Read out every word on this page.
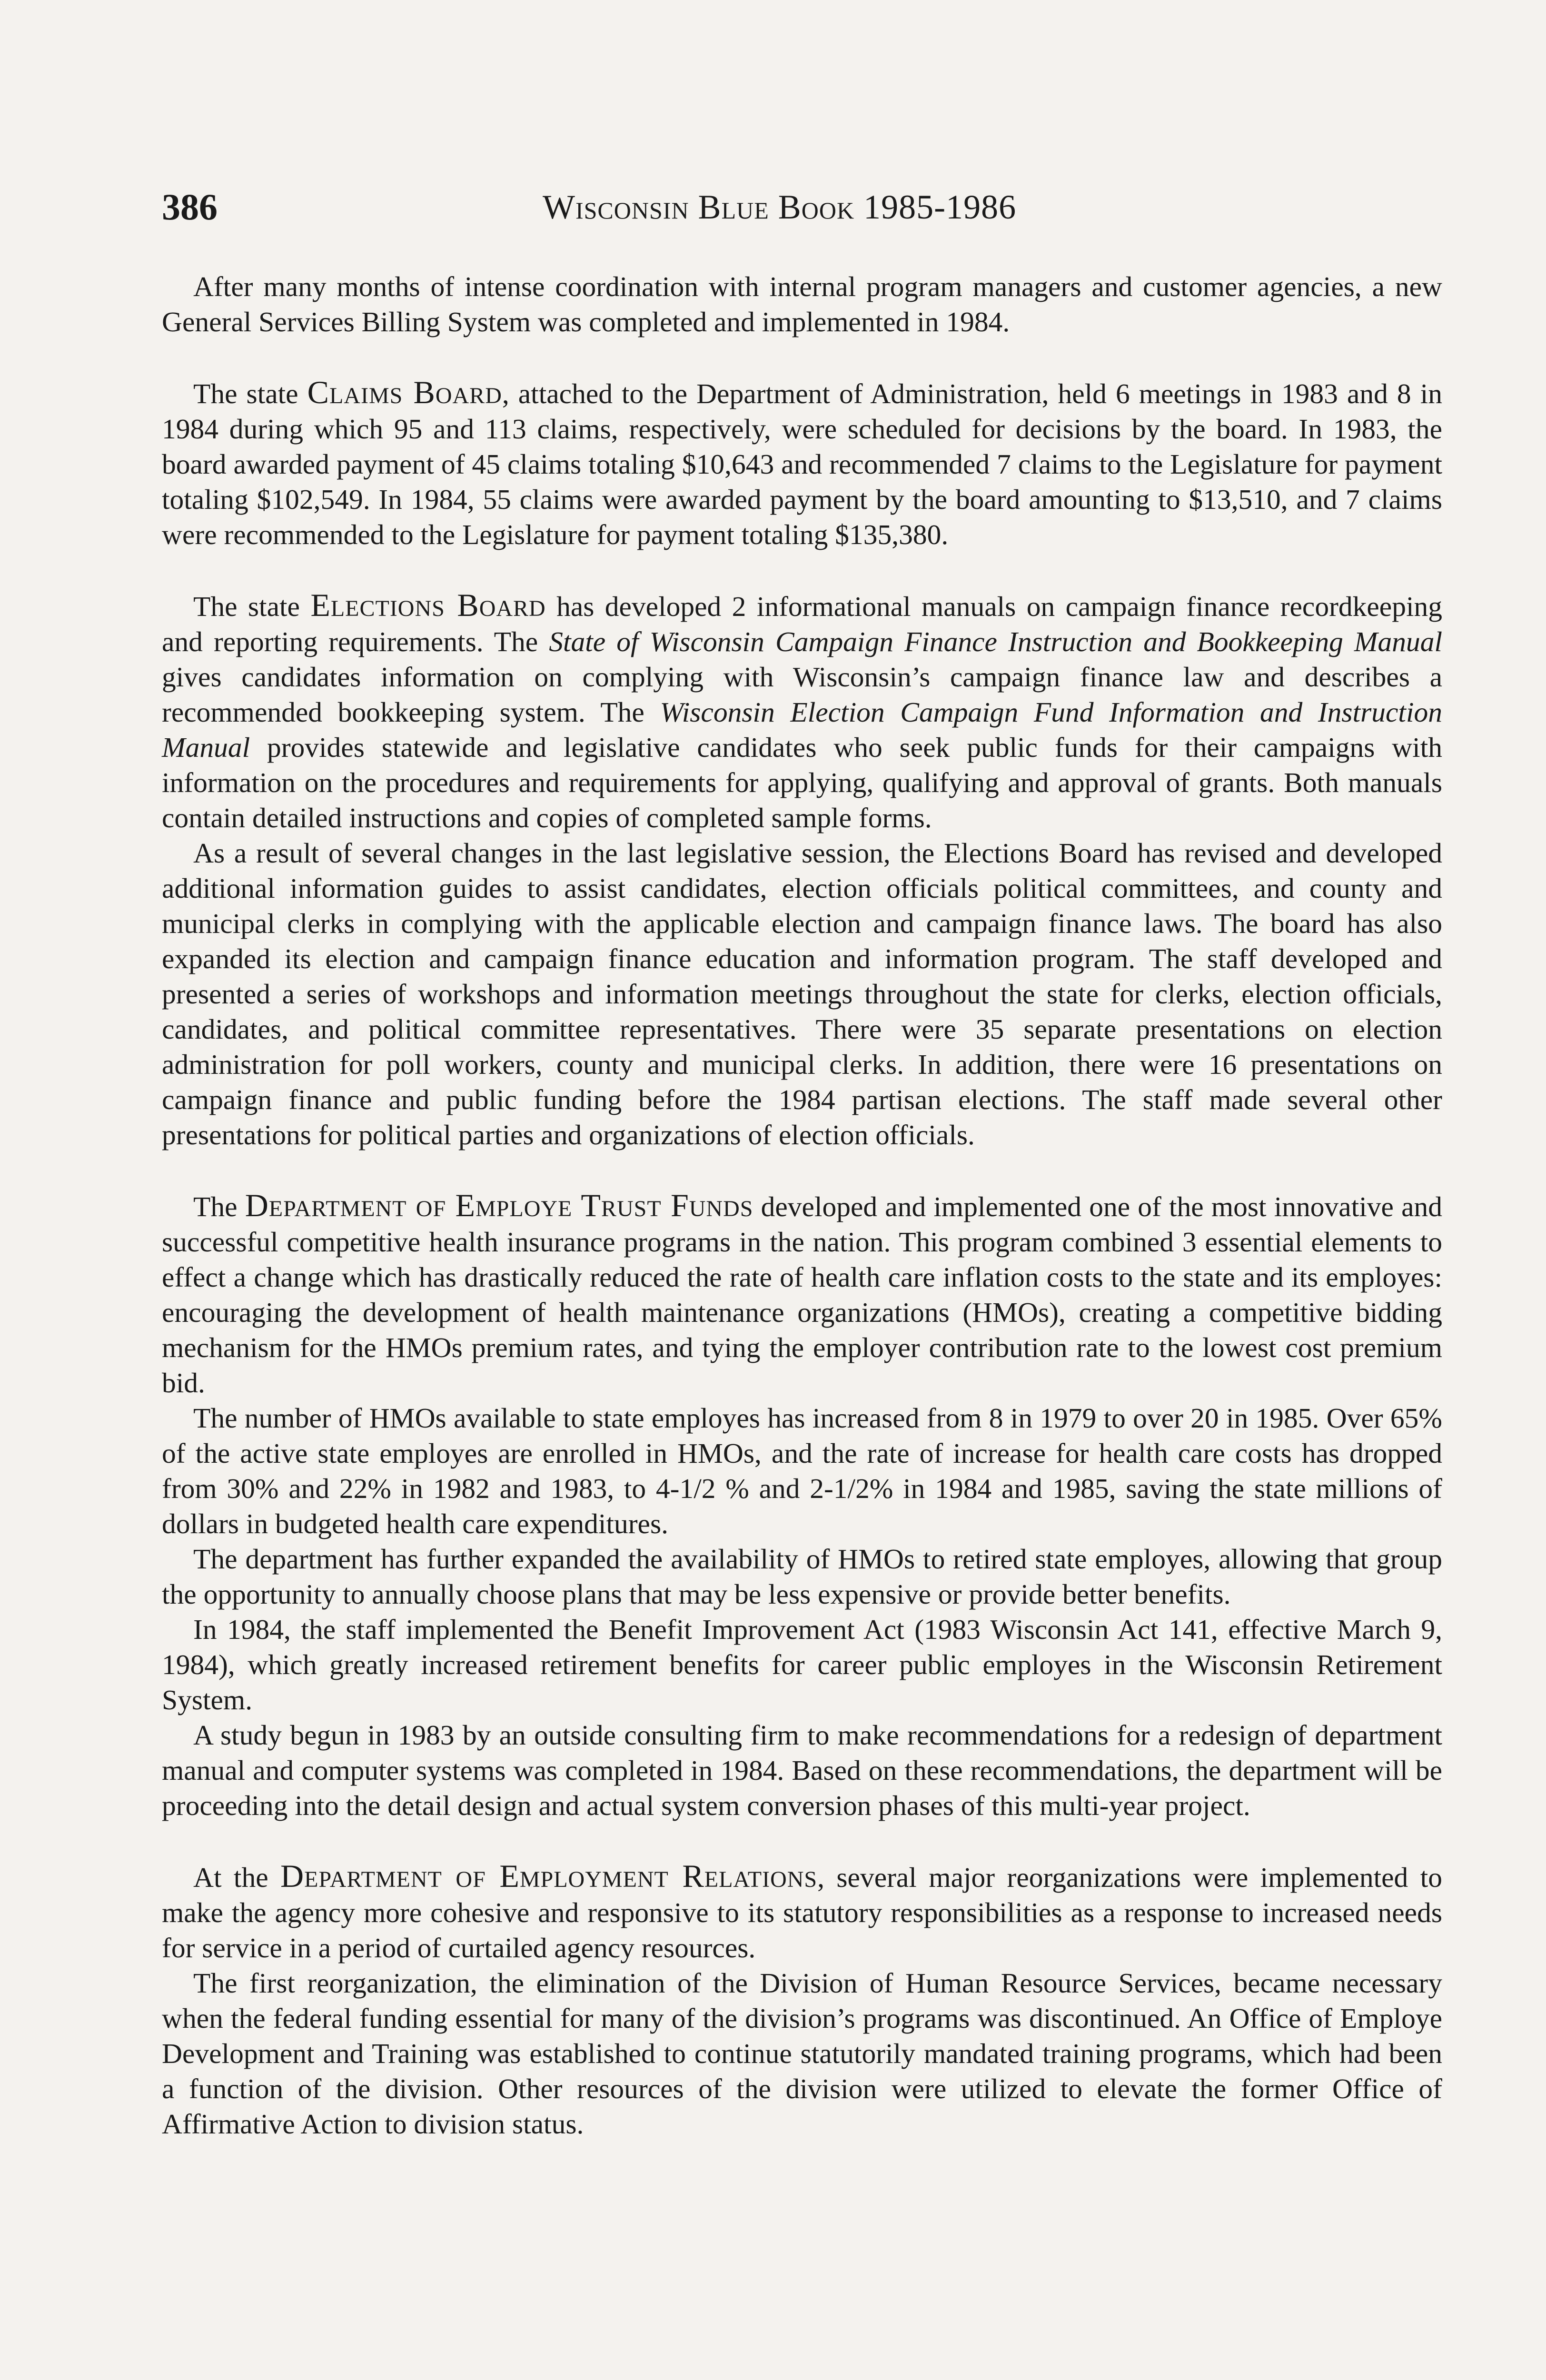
386	Wisconsin Blue Book 1985-1986

After many months of intense coordination with internal program managers and customer agencies, a new General Services Billing System was completed and implemented in 1984.

The state Claims Board, attached to the Department of Administration, held 6 meetings in 1983 and 8 in 1984 during which 95 and 113 claims, respectively, were scheduled for decisions by the board. In 1983, the board awarded payment of 45 claims totaling $10,643 and recommended 7 claims to the Legislature for payment totaling $102,549. In 1984, 55 claims were awarded payment by the board amounting to $13,510, and 7 claims were recommended to the Legislature for payment totaling $135,380.

The state Elections Board has developed 2 informational manuals on campaign finance recordkeeping and reporting requirements. The State of Wisconsin Campaign Finance Instruction and Bookkeeping Manual gives candidates information on complying with Wisconsin’s campaign finance law and describes a recommended bookkeeping system. The Wisconsin Election Campaign Fund Information and Instruction Manual provides statewide and legislative candidates who seek public funds for their campaigns with information on the procedures and requirements for applying, qualifying and approval of grants. Both manuals contain detailed instructions and copies of completed sample forms.

As a result of several changes in the last legislative session, the Elections Board has revised and developed additional information guides to assist candidates, election officials political committees, and county and municipal clerks in complying with the applicable election and campaign finance laws. The board has also expanded its election and campaign finance education and information program. The staff developed and presented a series of workshops and information meetings throughout the state for clerks, election officials, candidates, and political committee representatives. There were 35 separate presentations on election administration for poll workers, county and municipal clerks. In addition, there were 16 presentations on campaign finance and public funding before the 1984 partisan elections. The staff made several other presentations for political parties and organizations of election officials.

The Department of Employe Trust Funds developed and implemented one of the most innovative and successful competitive health insurance programs in the nation. This program combined 3 essential elements to effect a change which has drastically reduced the rate of health care inflation costs to the state and its employes: encouraging the development of health maintenance organizations (HMOs), creating a competitive bidding mechanism for the HMOs premium rates, and tying the employer contribution rate to the lowest cost premium bid.

The number of HMOs available to state employes has increased from 8 in 1979 to over 20 in 1985. Over 65% of the active state employes are enrolled in HMOs, and the rate of increase for health care costs has dropped from 30% and 22% in 1982 and 1983, to 4-1/2 % and 2-1/2% in 1984 and 1985, saving the state millions of dollars in budgeted health care expenditures.

The department has further expanded the availability of HMOs to retired state employes, allowing that group the opportunity to annually choose plans that may be less expensive or provide better benefits.

In 1984, the staff implemented the Benefit Improvement Act (1983 Wisconsin Act 141, effective March 9, 1984), which greatly increased retirement benefits for career public employes in the Wisconsin Retirement System.

A study begun in 1983 by an outside consulting firm to make recommendations for a redesign of department manual and computer systems was completed in 1984. Based on these recommendations, the department will be proceeding into the detail design and actual system conversion phases of this multi-year project.

At the Department of Employment Relations, several major reorganizations were implemented to make the agency more cohesive and responsive to its statutory responsibilities as a response to increased needs for service in a period of curtailed agency resources.

The first reorganization, the elimination of the Division of Human Resource Services, became necessary when the federal funding essential for many of the division’s programs was discontinued. An Office of Employe Development and Training was established to continue statutorily mandated training programs, which had been a function of the division. Other resources of the division were utilized to elevate the former Office of Affirmative Action to division status.
